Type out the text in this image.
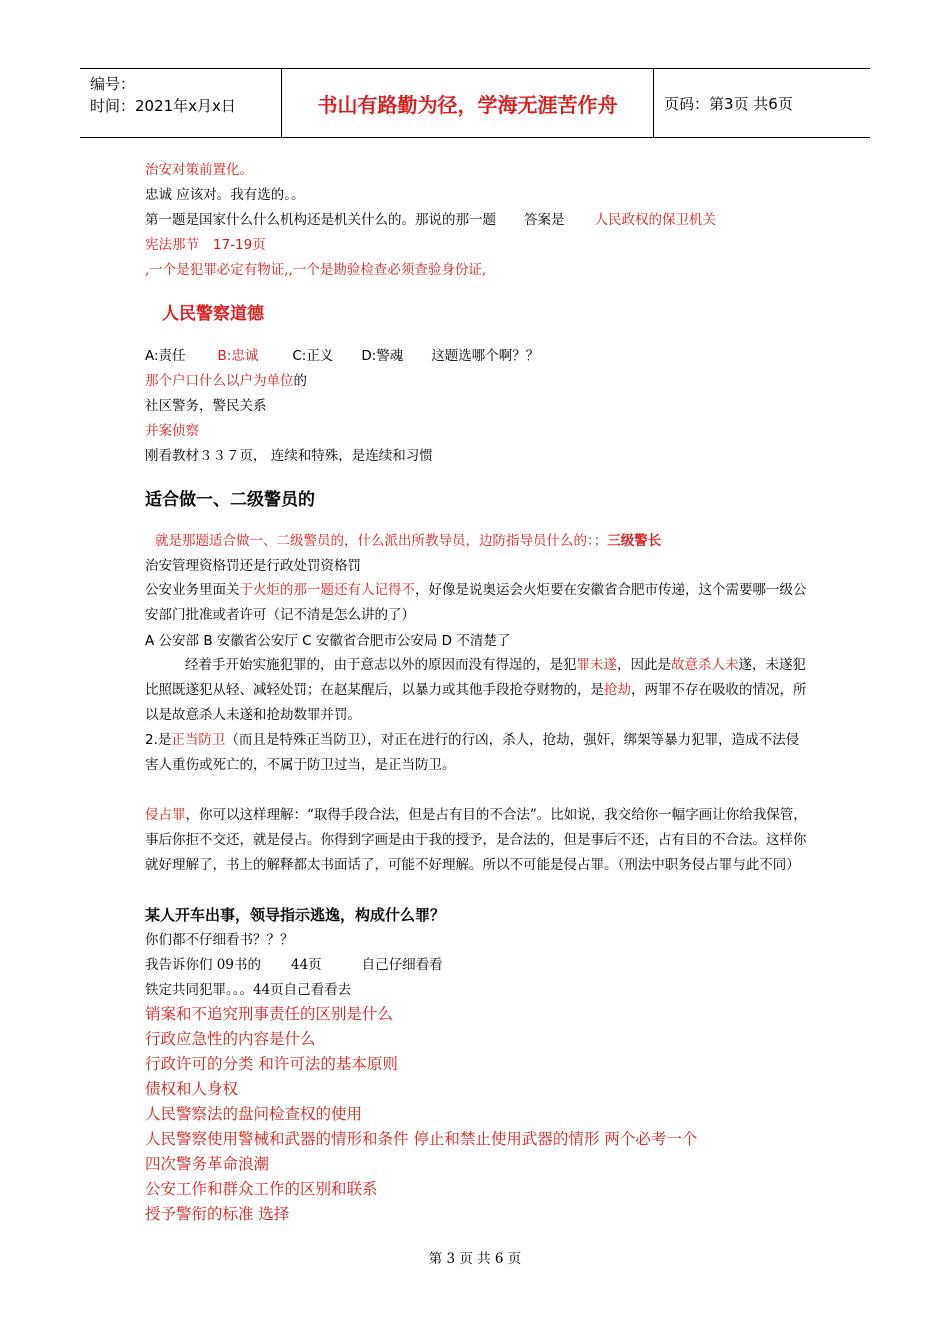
编号：
时间：2021年x月x日	书山有路勤为径，学海无涯苦作舟	页码：第3页 共6页
治安对策前置化。
忠诚 应该对。我有选的。。
第一题是国家什么什么机构还是机关什么的。那说的那一题 答案是 人民政权的保卫机关
宪法那节 17-19页
,一个是犯罪必定有物证,,一个是勘验检查必须查验身份证,
人民警察道德
A:责任 B:忠诚	C:正义 D:警魂 这题选哪个啊？？
那个户口什么以户为单位的
社区警务，警民关系
并案侦察
刚看教材３３７页， 连续和特殊，是连续和习惯
适合做一、二级警员的
就是那题适合做一、二级警员的，什么派出所教导员，边防指导员什么的：；三级警长
治安管理资格罚还是行政处罚资格罚
公安业务里面关于火炬的那一题还有人记得不，好像是说奥运会火炬要在安徽省合肥市传递，这个需要哪一级公安部门批准或者许可（记不清是怎么讲的了）
A 公安部 B 安徽省公安厅 C 安徽省合肥市公安局 D 不清楚了
经着手开始实施犯罪的，由于意志以外的原因而没有得逞的，是犯罪未遂，因此是故意杀人未遂，未遂犯比照既遂犯从轻、减轻处罚；在赵某醒后，以暴力或其他手段抢夺财物的，是抢劫，两罪不存在吸收的情况，所以是故意杀人未遂和抢劫数罪并罚。
2.是正当防卫（而且是特殊正当防卫），对正在进行的行凶，杀人，抢劫，强奸，绑架等暴力犯罪，造成不法侵害人重伤或死亡的，不属于防卫过当，是正当防卫。
侵占罪，你可以这样理解：“取得手段合法，但是占有目的不合法”。比如说，我交给你一幅字画让你给我保管，事后你拒不交还，就是侵占。你得到字画是由于我的授予，是合法的，但是事后不还，占有目的不合法。这样你就好理解了，书上的解释都太书面话了，可能不好理解。所以不可能是侵占罪。（刑法中职务侵占罪与此不同）
某人开车出事，领导指示逃逸，构成什么罪？
你们都不仔细看书？？？
我告诉你们 09书的 44页	自己仔细看看
铁定共同犯罪。。。44页自己看看去
销案和不追究刑事责任的区别是什么
行政应急性的内容是什么
行政许可的分类 和许可法的基本原则
债权和人身权
人民警察法的盘问检查权的使用
人民警察使用警械和武器的情形和条件 停止和禁止使用武器的情形 两个必考一个
四次警务革命浪潮
公安工作和群众工作的区别和联系
授予警衔的标准 选择
第 3 页 共 6 页
